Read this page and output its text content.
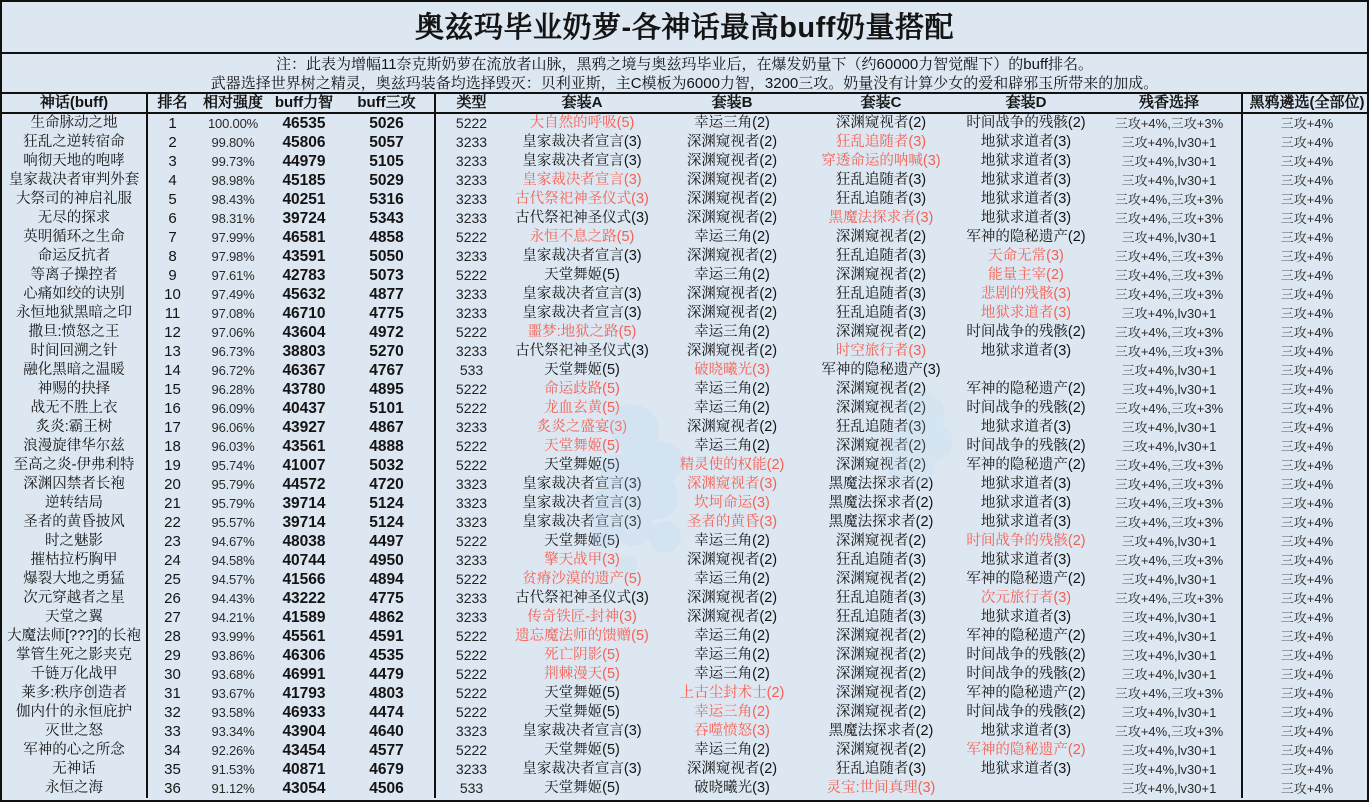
奥兹玛毕业奶萝-各神话最高buff奶量搭配
注：此表为增幅11奈克斯奶萝在流放者山脉，黑鸦之境与奥兹玛毕业后，在爆发奶量下（约60000力智觉醒下）的buff排名。
武器选择世界树之精灵，奥兹玛装备均选择毁灭：贝利亚斯，主C模板为6000力智，3200三攻。奶量没有计算少女的爱和辟邪玉所带来的加成。
神话(buff)	排名	相对强度	buff力智	buff三攻	类型	套装A	套装B	套装C	套装D	残香选择	黑鸦遴选(全部位)
生命脉动之地	1	100.00%	46535	5026	5222	大自然的呼吸(5)	幸运三角(2)	深渊窥视者(2)	时间战争的残骸(2)	三攻+4%,三攻+3%	三攻+4%
狂乱之逆转宿命	2	99.80%	45806	5057	3233	皇家裁决者宣言(3)	深渊窥视者(2)	狂乱追随者(3)	地狱求道者(3)	三攻+4%,lv30+1	三攻+4%
响彻天地的咆哮	3	99.73%	44979	5105	3233	皇家裁决者宣言(3)	深渊窥视者(2)	穿透命运的呐喊(3)	地狱求道者(3)	三攻+4%,lv30+1	三攻+4%
皇家裁决者审判外套	4	98.98%	45185	5029	3233	皇家裁决者宣言(3)	深渊窥视者(2)	狂乱追随者(3)	地狱求道者(3)	三攻+4%,lv30+1	三攻+4%
大祭司的神启礼服	5	98.43%	40251	5316	3233	古代祭祀神圣仪式(3)	深渊窥视者(2)	狂乱追随者(3)	地狱求道者(3)	三攻+4%,三攻+3%	三攻+4%
无尽的探求	6	98.31%	39724	5343	3233	古代祭祀神圣仪式(3)	深渊窥视者(2)	黑魔法探求者(3)	地狱求道者(3)	三攻+4%,三攻+3%	三攻+4%
英明循环之生命	7	97.99%	46581	4858	5222	永恒不息之路(5)	幸运三角(2)	深渊窥视者(2)	军神的隐秘遗产(2)	三攻+4%,lv30+1	三攻+4%
命运反抗者	8	97.98%	43591	5050	3233	皇家裁决者宣言(3)	深渊窥视者(2)	狂乱追随者(3)	天命无常(3)	三攻+4%,三攻+3%	三攻+4%
等离子操控者	9	97.61%	42783	5073	5222	天堂舞姬(5)	幸运三角(2)	深渊窥视者(2)	能量主宰(2)	三攻+4%,三攻+3%	三攻+4%
心痛如绞的诀别	10	97.49%	45632	4877	3233	皇家裁决者宣言(3)	深渊窥视者(2)	狂乱追随者(3)	悲剧的残骸(3)	三攻+4%,三攻+3%	三攻+4%
永恒地狱黑暗之印	11	97.08%	46710	4775	3233	皇家裁决者宣言(3)	深渊窥视者(2)	狂乱追随者(3)	地狱求道者(3)	三攻+4%,lv30+1	三攻+4%
撒旦:愤怒之王	12	97.06%	43604	4972	5222	噩梦:地狱之路(5)	幸运三角(2)	深渊窥视者(2)	时间战争的残骸(2)	三攻+4%,三攻+3%	三攻+4%
时间回溯之针	13	96.73%	38803	5270	3233	古代祭祀神圣仪式(3)	深渊窥视者(2)	时空旅行者(3)	地狱求道者(3)	三攻+4%,三攻+3%	三攻+4%
融化黑暗之温暖	14	96.72%	46367	4767	533	天堂舞姬(5)	破晓曦光(3)	军神的隐秘遗产(3)		三攻+4%,lv30+1	三攻+4%
神赐的抉择	15	96.28%	43780	4895	5222	命运歧路(5)	幸运三角(2)	深渊窥视者(2)	军神的隐秘遗产(2)	三攻+4%,lv30+1	三攻+4%
战无不胜上衣	16	96.09%	40437	5101	5222	龙血玄黄(5)	幸运三角(2)	深渊窥视者(2)	时间战争的残骸(2)	三攻+4%,三攻+3%	三攻+4%
炙炎:霸王树	17	96.06%	43927	4867	3233	炙炎之盛宴(3)	深渊窥视者(2)	狂乱追随者(3)	地狱求道者(3)	三攻+4%,lv30+1	三攻+4%
浪漫旋律华尔兹	18	96.03%	43561	4888	5222	天堂舞姬(5)	幸运三角(2)	深渊窥视者(2)	时间战争的残骸(2)	三攻+4%,lv30+1	三攻+4%
至高之炎-伊弗利特	19	95.74%	41007	5032	5222	天堂舞姬(5)	精灵使的权能(2)	深渊窥视者(2)	军神的隐秘遗产(2)	三攻+4%,三攻+3%	三攻+4%
深渊囚禁者长袍	20	95.79%	44572	4720	3323	皇家裁决者宣言(3)	深渊窥视者(3)	黑魔法探求者(2)	地狱求道者(3)	三攻+4%,三攻+3%	三攻+4%
逆转结局	21	95.79%	39714	5124	3323	皇家裁决者宣言(3)	坎坷命运(3)	黑魔法探求者(2)	地狱求道者(3)	三攻+4%,三攻+3%	三攻+4%
圣者的黄昏披风	22	95.57%	39714	5124	3323	皇家裁决者宣言(3)	圣者的黄昏(3)	黑魔法探求者(2)	地狱求道者(3)	三攻+4%,三攻+3%	三攻+4%
时之魅影	23	94.67%	48038	4497	5222	天堂舞姬(5)	幸运三角(2)	深渊窥视者(2)	时间战争的残骸(2)	三攻+4%,lv30+1	三攻+4%
摧枯拉朽胸甲	24	94.58%	40744	4950	3233	擎天战甲(3)	深渊窥视者(2)	狂乱追随者(3)	地狱求道者(3)	三攻+4%,三攻+3%	三攻+4%
爆裂大地之勇猛	25	94.57%	41566	4894	5222	贫瘠沙漠的遗产(5)	幸运三角(2)	深渊窥视者(2)	军神的隐秘遗产(2)	三攻+4%,lv30+1	三攻+4%
次元穿越者之星	26	94.43%	43222	4775	3233	古代祭祀神圣仪式(3)	深渊窥视者(2)	狂乱追随者(3)	次元旅行者(3)	三攻+4%,三攻+3%	三攻+4%
天堂之翼	27	94.21%	41589	4862	3233	传奇铁匠-封神(3)	深渊窥视者(2)	狂乱追随者(3)	地狱求道者(3)	三攻+4%,lv30+1	三攻+4%
大魔法师[???]的长袍	28	93.99%	45561	4591	5222	遗忘魔法师的馈赠(5)	幸运三角(2)	深渊窥视者(2)	军神的隐秘遗产(2)	三攻+4%,lv30+1	三攻+4%
掌管生死之影夹克	29	93.86%	46306	4535	5222	死亡阴影(5)	幸运三角(2)	深渊窥视者(2)	时间战争的残骸(2)	三攻+4%,lv30+1	三攻+4%
千链万化战甲	30	93.68%	46991	4479	5222	荆棘漫天(5)	幸运三角(2)	深渊窥视者(2)	时间战争的残骸(2)	三攻+4%,lv30+1	三攻+4%
莱多:秩序创造者	31	93.67%	41793	4803	5222	天堂舞姬(5)	上古尘封术士(2)	深渊窥视者(2)	军神的隐秘遗产(2)	三攻+4%,三攻+3%	三攻+4%
伽内什的永恒庇护	32	93.58%	46933	4474	5222	天堂舞姬(5)	幸运三角(2)	深渊窥视者(2)	时间战争的残骸(2)	三攻+4%,lv30+1	三攻+4%
灭世之怒	33	93.34%	43904	4640	3323	皇家裁决者宣言(3)	吞噬愤怒(3)	黑魔法探求者(2)	地狱求道者(3)	三攻+4%,三攻+3%	三攻+4%
军神的心之所念	34	92.26%	43454	4577	5222	天堂舞姬(5)	幸运三角(2)	深渊窥视者(2)	军神的隐秘遗产(2)	三攻+4%,lv30+1	三攻+4%
无神话	35	91.53%	40871	4679	3233	皇家裁决者宣言(3)	深渊窥视者(2)	狂乱追随者(3)	地狱求道者(3)	三攻+4%,lv30+1	三攻+4%
永恒之海	36	91.12%	43054	4506	533	天堂舞姬(5)	破晓曦光(3)	灵宝:世间真理(3)		三攻+4%,lv30+1	三攻+4%
